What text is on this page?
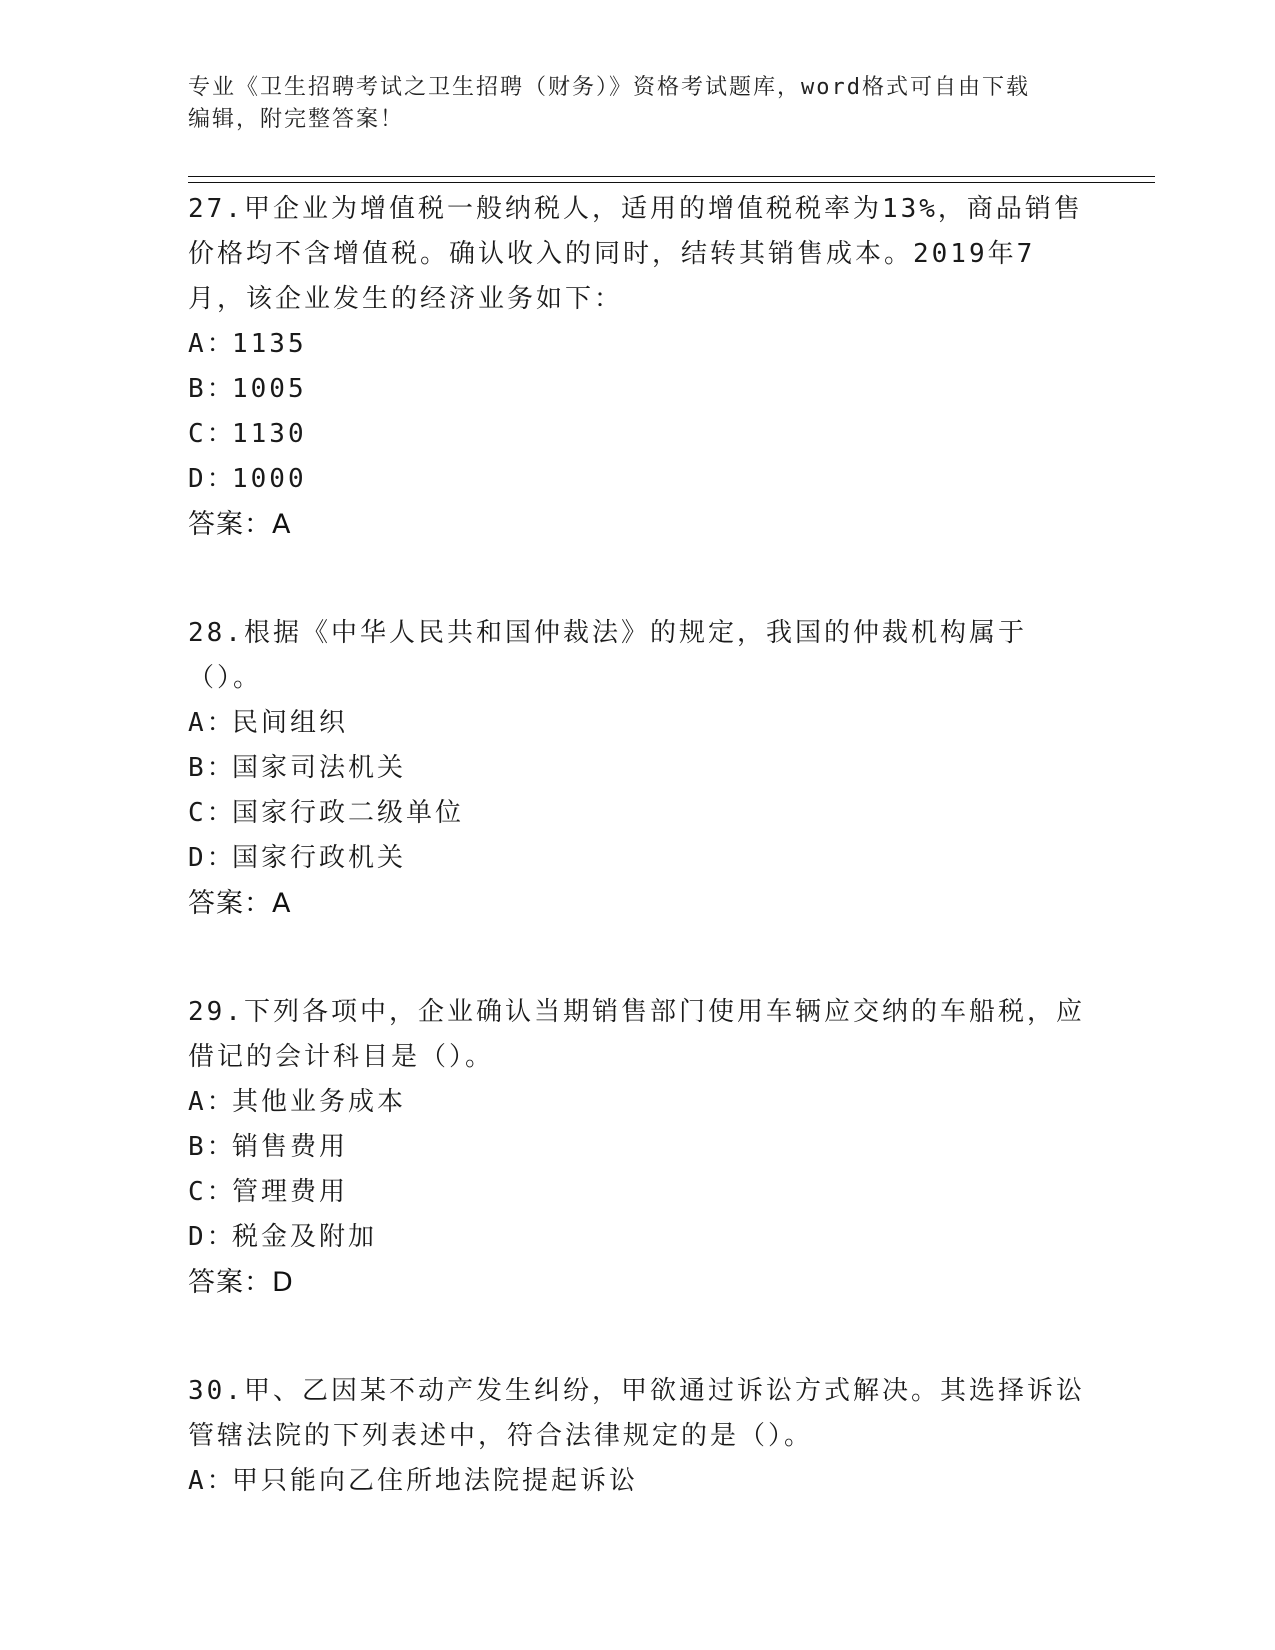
专业《卫生招聘考试之卫生招聘（财务）》资格考试题库，word格式可自由下载
编辑，附完整答案！
27.甲企业为增值税一般纳税人，适用的增值税税率为13%，商品销售价格均不含增值税。确认收入的同时，结转其销售成本。2019年7月，该企业发生的经济业务如下：
A：1135
B：1005
C：1130
D：1000
答案：A
28.根据《中华人民共和国仲裁法》的规定，我国的仲裁机构属于（）。
A：民间组织
B：国家司法机关
C：国家行政二级单位
D：国家行政机关
答案：A
29.下列各项中，企业确认当期销售部门使用车辆应交纳的车船税，应借记的会计科目是（）。
A：其他业务成本
B：销售费用
C：管理费用
D：税金及附加
答案：D
30.甲、乙因某不动产发生纠纷，甲欲通过诉讼方式解决。其选择诉讼管辖法院的下列表述中，符合法律规定的是（）。
A：甲只能向乙住所地法院提起诉讼
